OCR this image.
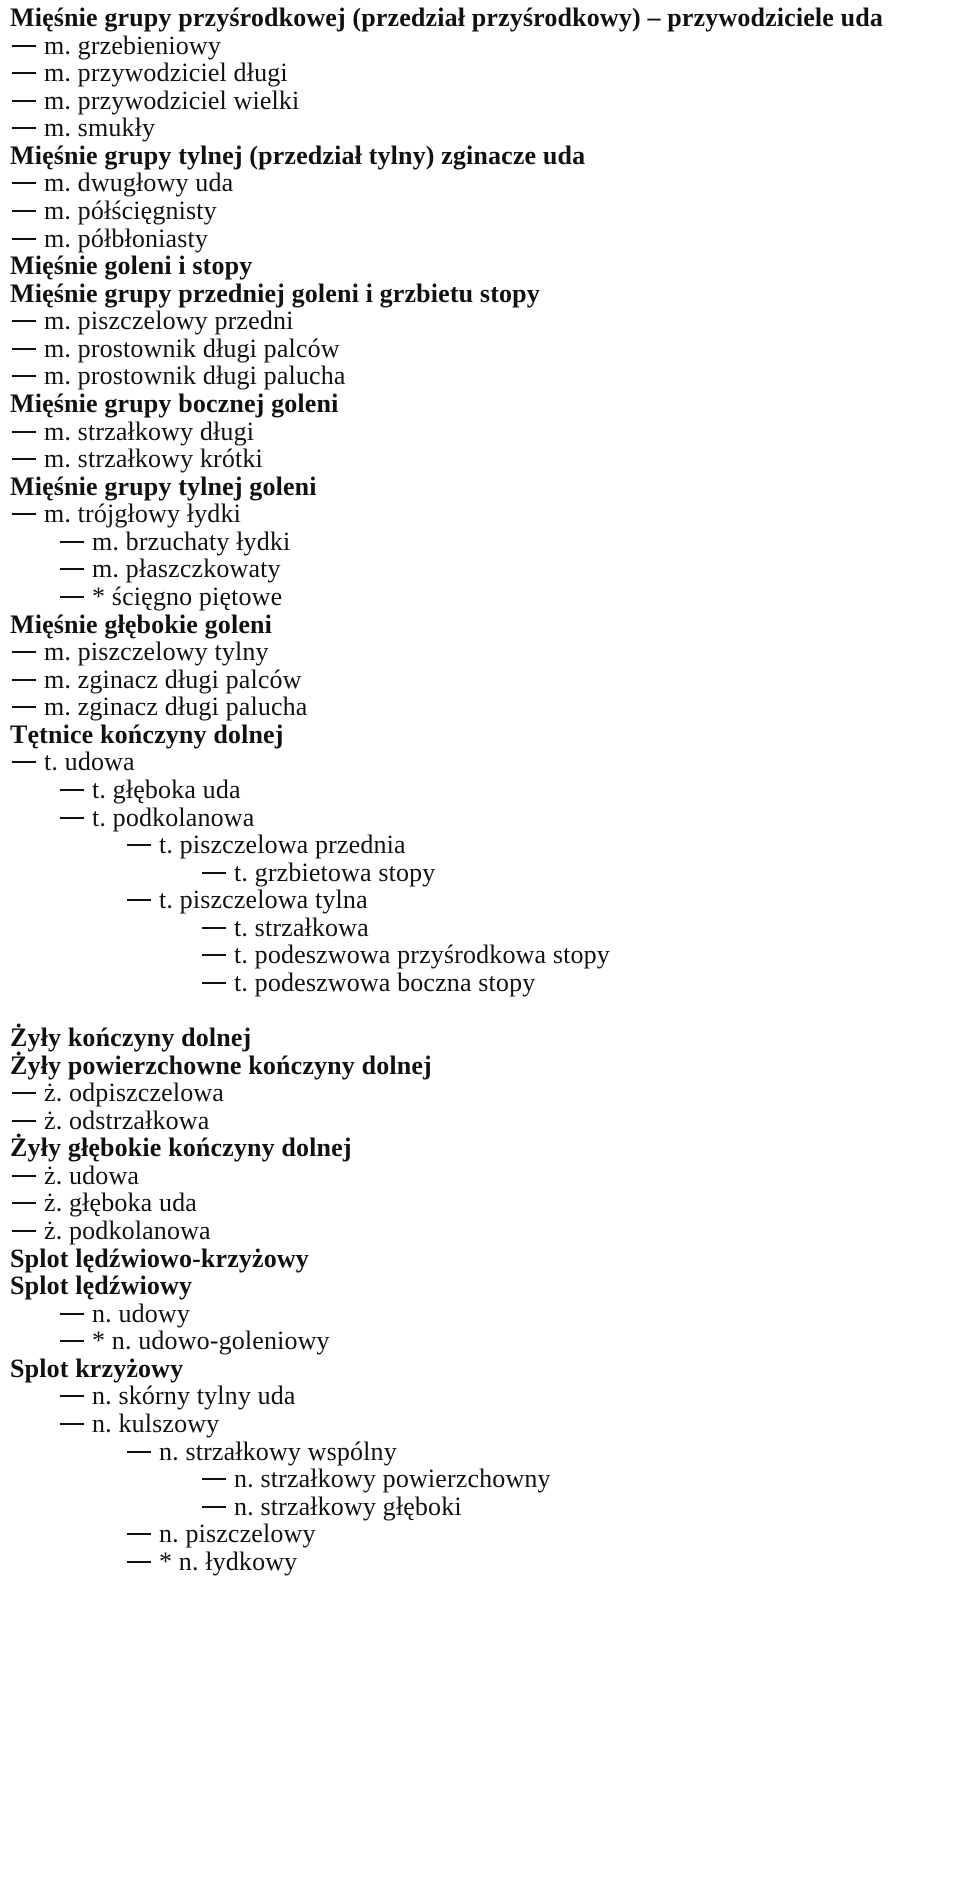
Mięśnie grupy przyśrodkowej (przedział przyśrodkowy) – przywodziciele uda
m. grzebieniowy
m. przywodziciel długi
m. przywodziciel wielki
m. smukły
Mięśnie grupy tylnej (przedział tylny) zginacze uda
m. dwugłowy uda
m. półścięgnisty
m. półbłoniasty
Mięśnie goleni i stopy
Mięśnie grupy przedniej goleni i grzbietu stopy
m. piszczelowy przedni
m. prostownik długi palców
m. prostownik długi palucha
Mięśnie grupy bocznej goleni
m. strzałkowy długi
m. strzałkowy krótki
Mięśnie grupy tylnej goleni
m. trójgłowy łydki
m. brzuchaty łydki
m. płaszczkowaty
* ścięgno piętowe
Mięśnie głębokie goleni
m. piszczelowy tylny
m. zginacz długi palców
m. zginacz długi palucha
Tętnice kończyny dolnej
t. udowa
t. głęboka uda
t. podkolanowa
t. piszczelowa przednia
t. grzbietowa stopy
t. piszczelowa tylna
t. strzałkowa
t. podeszwowa przyśrodkowa stopy
t. podeszwowa boczna stopy
Żyły kończyny dolnej
Żyły powierzchowne kończyny dolnej
ż. odpiszczelowa
ż. odstrzałkowa
Żyły głębokie kończyny dolnej
ż. udowa
ż. głęboka uda
ż. podkolanowa
Splot lędźwiowo-krzyżowy
Splot lędźwiowy
n. udowy
* n. udowo-goleniowy
Splot krzyżowy
n. skórny tylny uda
n. kulszowy
n. strzałkowy wspólny
n. strzałkowy powierzchowny
n. strzałkowy głęboki
n. piszczelowy
* n. łydkowy
